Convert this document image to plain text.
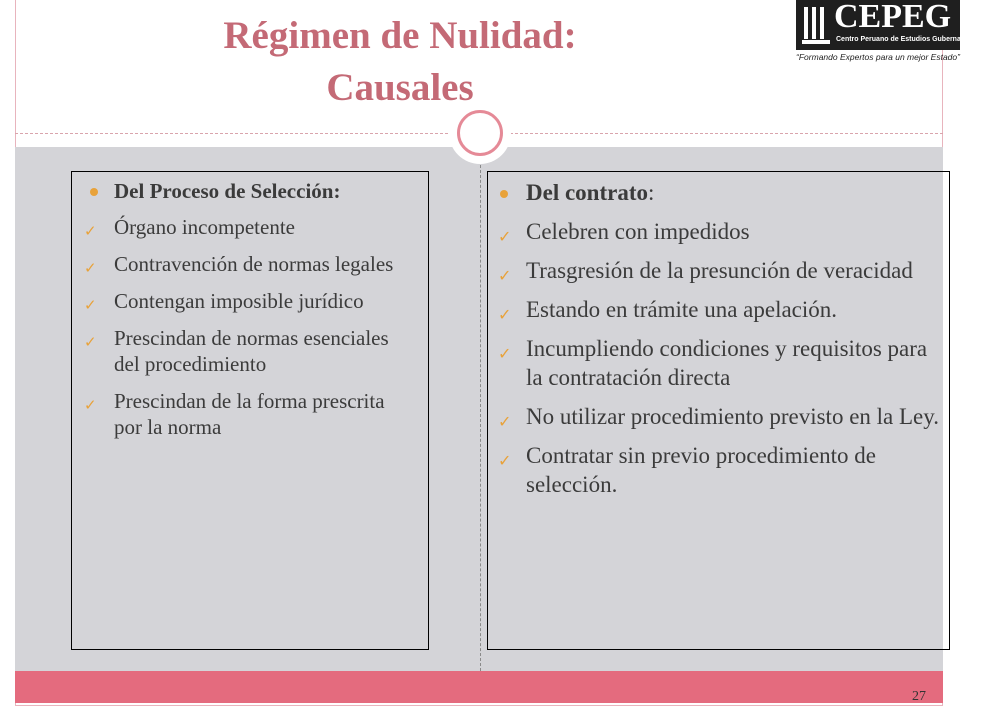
Régimen de Nulidad:
Causales
CEPEG
Centro Peruano de Estudios Gubernamentales
“Formando Expertos para un mejor Estado”
Del Proceso de Selección:
✓ Órgano incompetente
✓ Contravención de normas legales
✓ Contengan imposible jurídico
✓ Prescindan de normas esenciales del procedimiento
✓ Prescindan de la forma prescrita por la norma
Del contrato:
✓ Celebren con impedidos
✓ Trasgresión de la presunción de veracidad
✓ Estando en trámite una apelación.
✓ Incumpliendo condiciones y requisitos para la contratación directa
✓ No utilizar procedimiento previsto en la Ley.
✓ Contratar sin previo procedimiento de selección.
27
